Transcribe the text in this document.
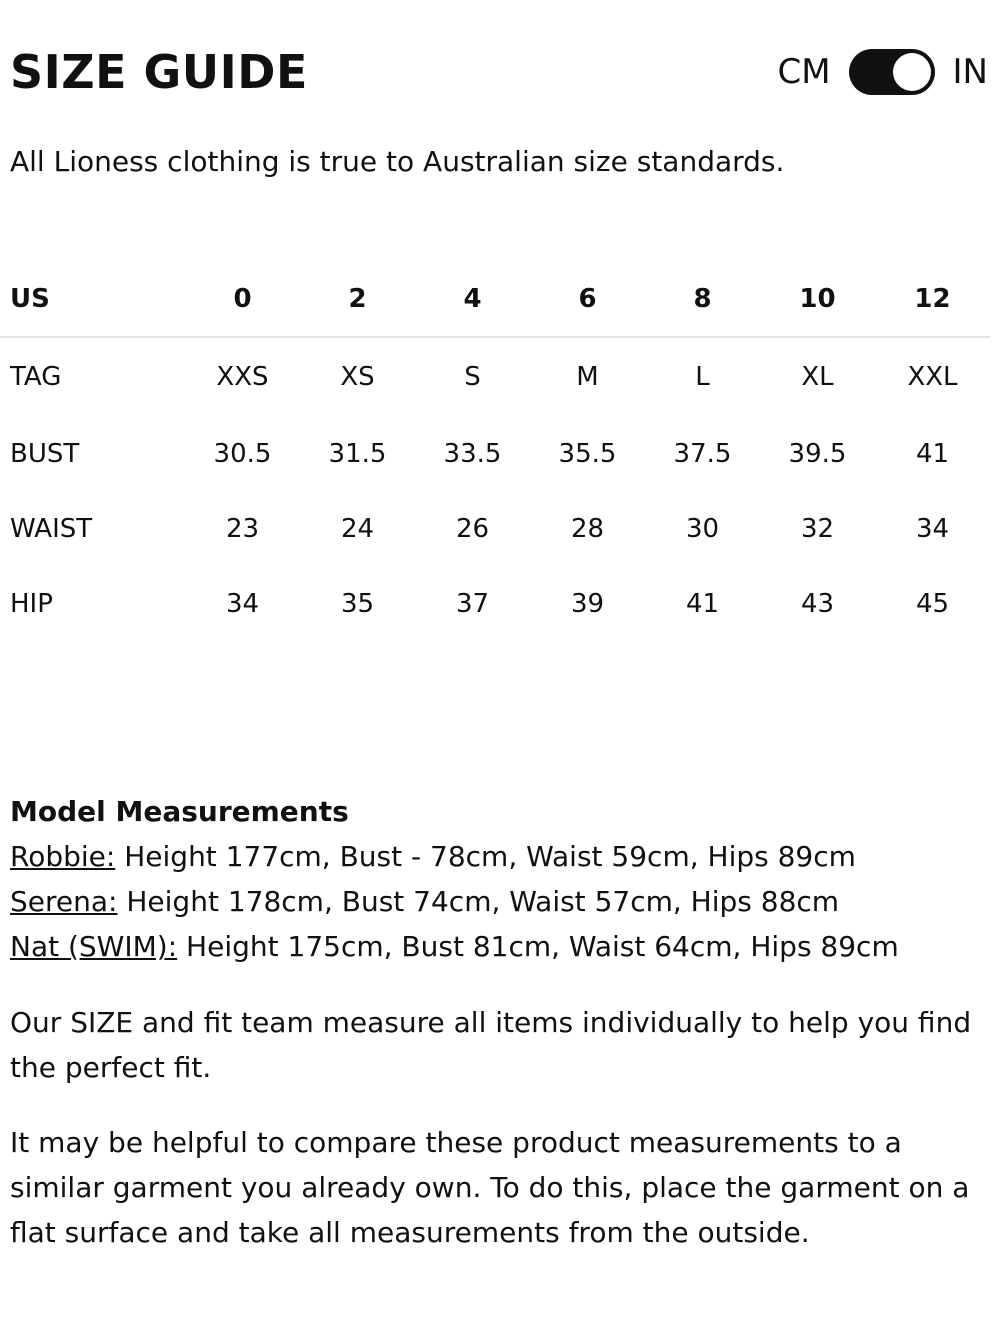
SIZE GUIDE	CM	IN

All Lioness clothing is true to Australian size standards.

US	0	2	4	6	8	10	12
TAG	XXS	XS	S	M	L	XL	XXL
BUST	30.5	31.5	33.5	35.5	37.5	39.5	41
WAIST	23	24	26	28	30	32	34
HIP	34	35	37	39	41	43	45
Model Measurements

Robbie: Height 177cm, Bust - 78cm, Waist 59cm, Hips 89cm

Serena: Height 178cm, Bust 74cm, Waist 57cm, Hips 88cm

Nat (SWIM): Height 175cm, Bust 81cm, Waist 64cm, Hips 89cm

Our SIZE and fit team measure all items individually to help you find the perfect fit.

It may be helpful to compare these product measurements to a similar garment you already own. To do this, place the garment on a flat surface and take all measurements from the outside.
